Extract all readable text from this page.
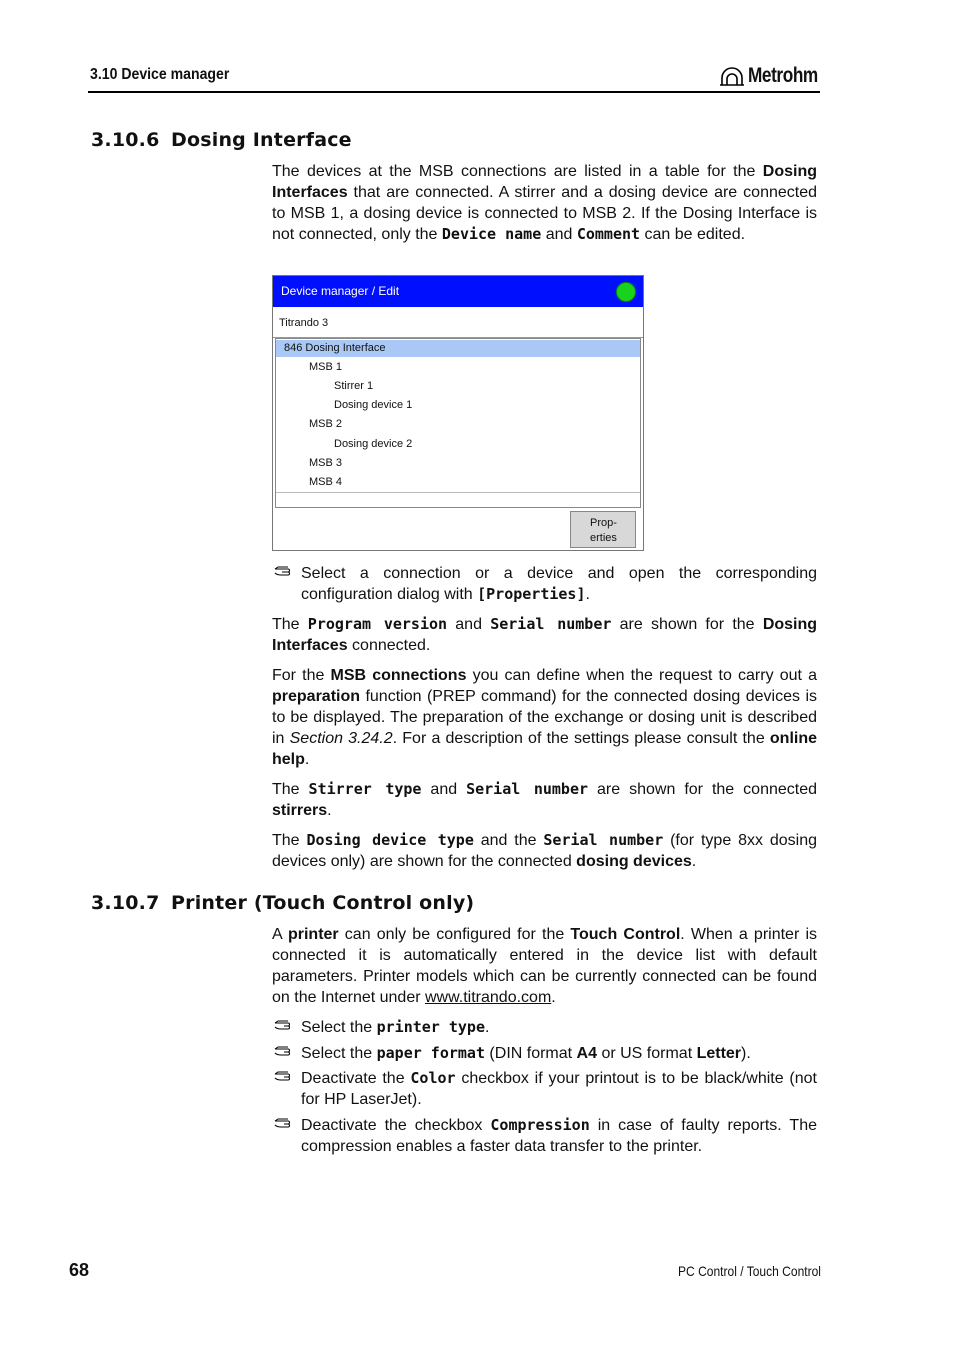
3.10 Device manager	Metrohm
3.10.6 Dosing Interface
The devices at the MSB connections are listed in a table for the Dosing Interfaces that are connected. A stirrer and a dosing device are connected to MSB 1, a dosing device is connected to MSB 2. If the Dosing Interface is not connected, only the Device name and Comment can be edited.
Device manager / Edit
Titrando 3
846 Dosing Interface
MSB 1
Stirrer 1
Dosing device 1
MSB 2
Dosing device 2
MSB 3
MSB 4
Prop-
erties
Select a connection or a device and open the corresponding configuration dialog with [Properties].
The Program version and Serial number are shown for the Dosing Interfaces connected.
For the MSB connections you can define when the request to carry out a preparation function (PREP command) for the connected dosing devices is to be displayed. The preparation of the exchange or dosing unit is described in Section 3.24.2. For a description of the settings please consult the online help.
The Stirrer type and Serial number are shown for the connected stirrers.
The Dosing device type and the Serial number (for type 8xx dosing devices only) are shown for the connected dosing devices.
3.10.7 Printer (Touch Control only)
A printer can only be configured for the Touch Control. When a printer is connected it is automatically entered in the device list with default parameters. Printer models which can be currently connected can be found on the Internet under www.titrando.com.
Select the printer type.
Select the paper format (DIN format A4 or US format Letter).
Deactivate the Color checkbox if your printout is to be black/white (not for HP LaserJet).
Deactivate the checkbox Compression in case of faulty reports. The compression enables a faster data transfer to the printer.
68	PC Control / Touch Control
